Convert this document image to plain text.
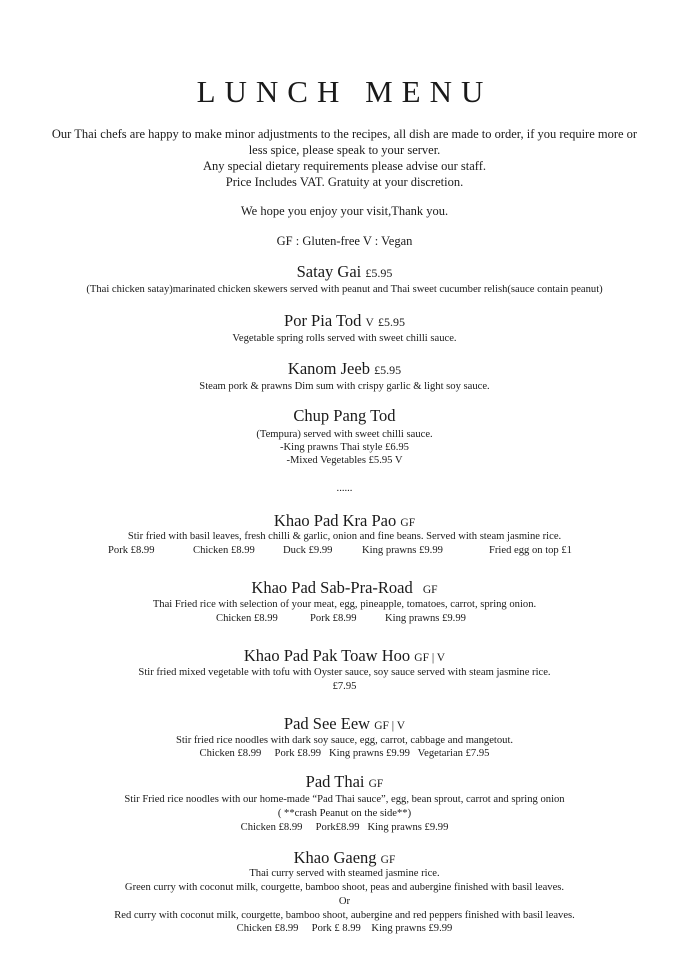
LUNCH MENU
Our Thai chefs are happy to make minor adjustments to the recipes, all dish are made to order, if you require more or
less spice, please speak to your server.
Any special dietary requirements please advise our staff.
Price Includes VAT. Gratuity at your discretion.
We hope you enjoy your visit,Thank you.
GF : Gluten-free V : Vegan
Satay Gai £5.95
(Thai chicken satay)marinated chicken skewers served with peanut and Thai sweet cucumber relish(sauce contain peanut)
Por Pia Tod V £5.95
Vegetable spring rolls served with sweet chilli sauce.
Kanom Jeeb £5.95
Steam pork & prawns Dim sum with crispy garlic & light soy sauce.
Chup Pang Tod
(Tempura) served with sweet chilli sauce.
-King prawns Thai style £6.95
-Mixed Vegetables £5.95 V
......
Khao Pad Kra Pao GF
Stir fried with basil leaves, fresh chilli & garlic, onion and fine beans. Served with steam jasmine rice.
Pork £8.99	Chicken £8.99	Duck £9.99	King prawns £9.99	Fried egg on top £1
Khao Pad Sab-Pra-Road GF
Thai Fried rice with selection of your meat, egg, pineapple, tomatoes, carrot, spring onion.
Chicken £8.99	Pork £8.99	King prawns £9.99
Khao Pad Pak Toaw Hoo GF | V
Stir fried mixed vegetable with tofu with Oyster sauce, soy sauce served with steam jasmine rice.
£7.95
Pad See Eew GF | V
Stir fried rice noodles with dark soy sauce, egg, carrot, cabbage and mangetout.
Chicken £8.99     Pork £8.99   King prawns £9.99   Vegetarian £7.95
Pad Thai GF
Stir Fried rice noodles with our home-made “Pad Thai sauce”, egg, bean sprout, carrot and spring onion
( **crash Peanut on the side**)
Chicken £8.99     Pork£8.99   King prawns £9.99
Khao Gaeng GF
Thai curry served with steamed jasmine rice.
Green curry with coconut milk, courgette, bamboo shoot, peas and aubergine finished with basil leaves.
Or
Red curry with coconut milk, courgette, bamboo shoot, aubergine and red peppers finished with basil leaves.
Chicken £8.99     Pork £ 8.99    King prawns £9.99
